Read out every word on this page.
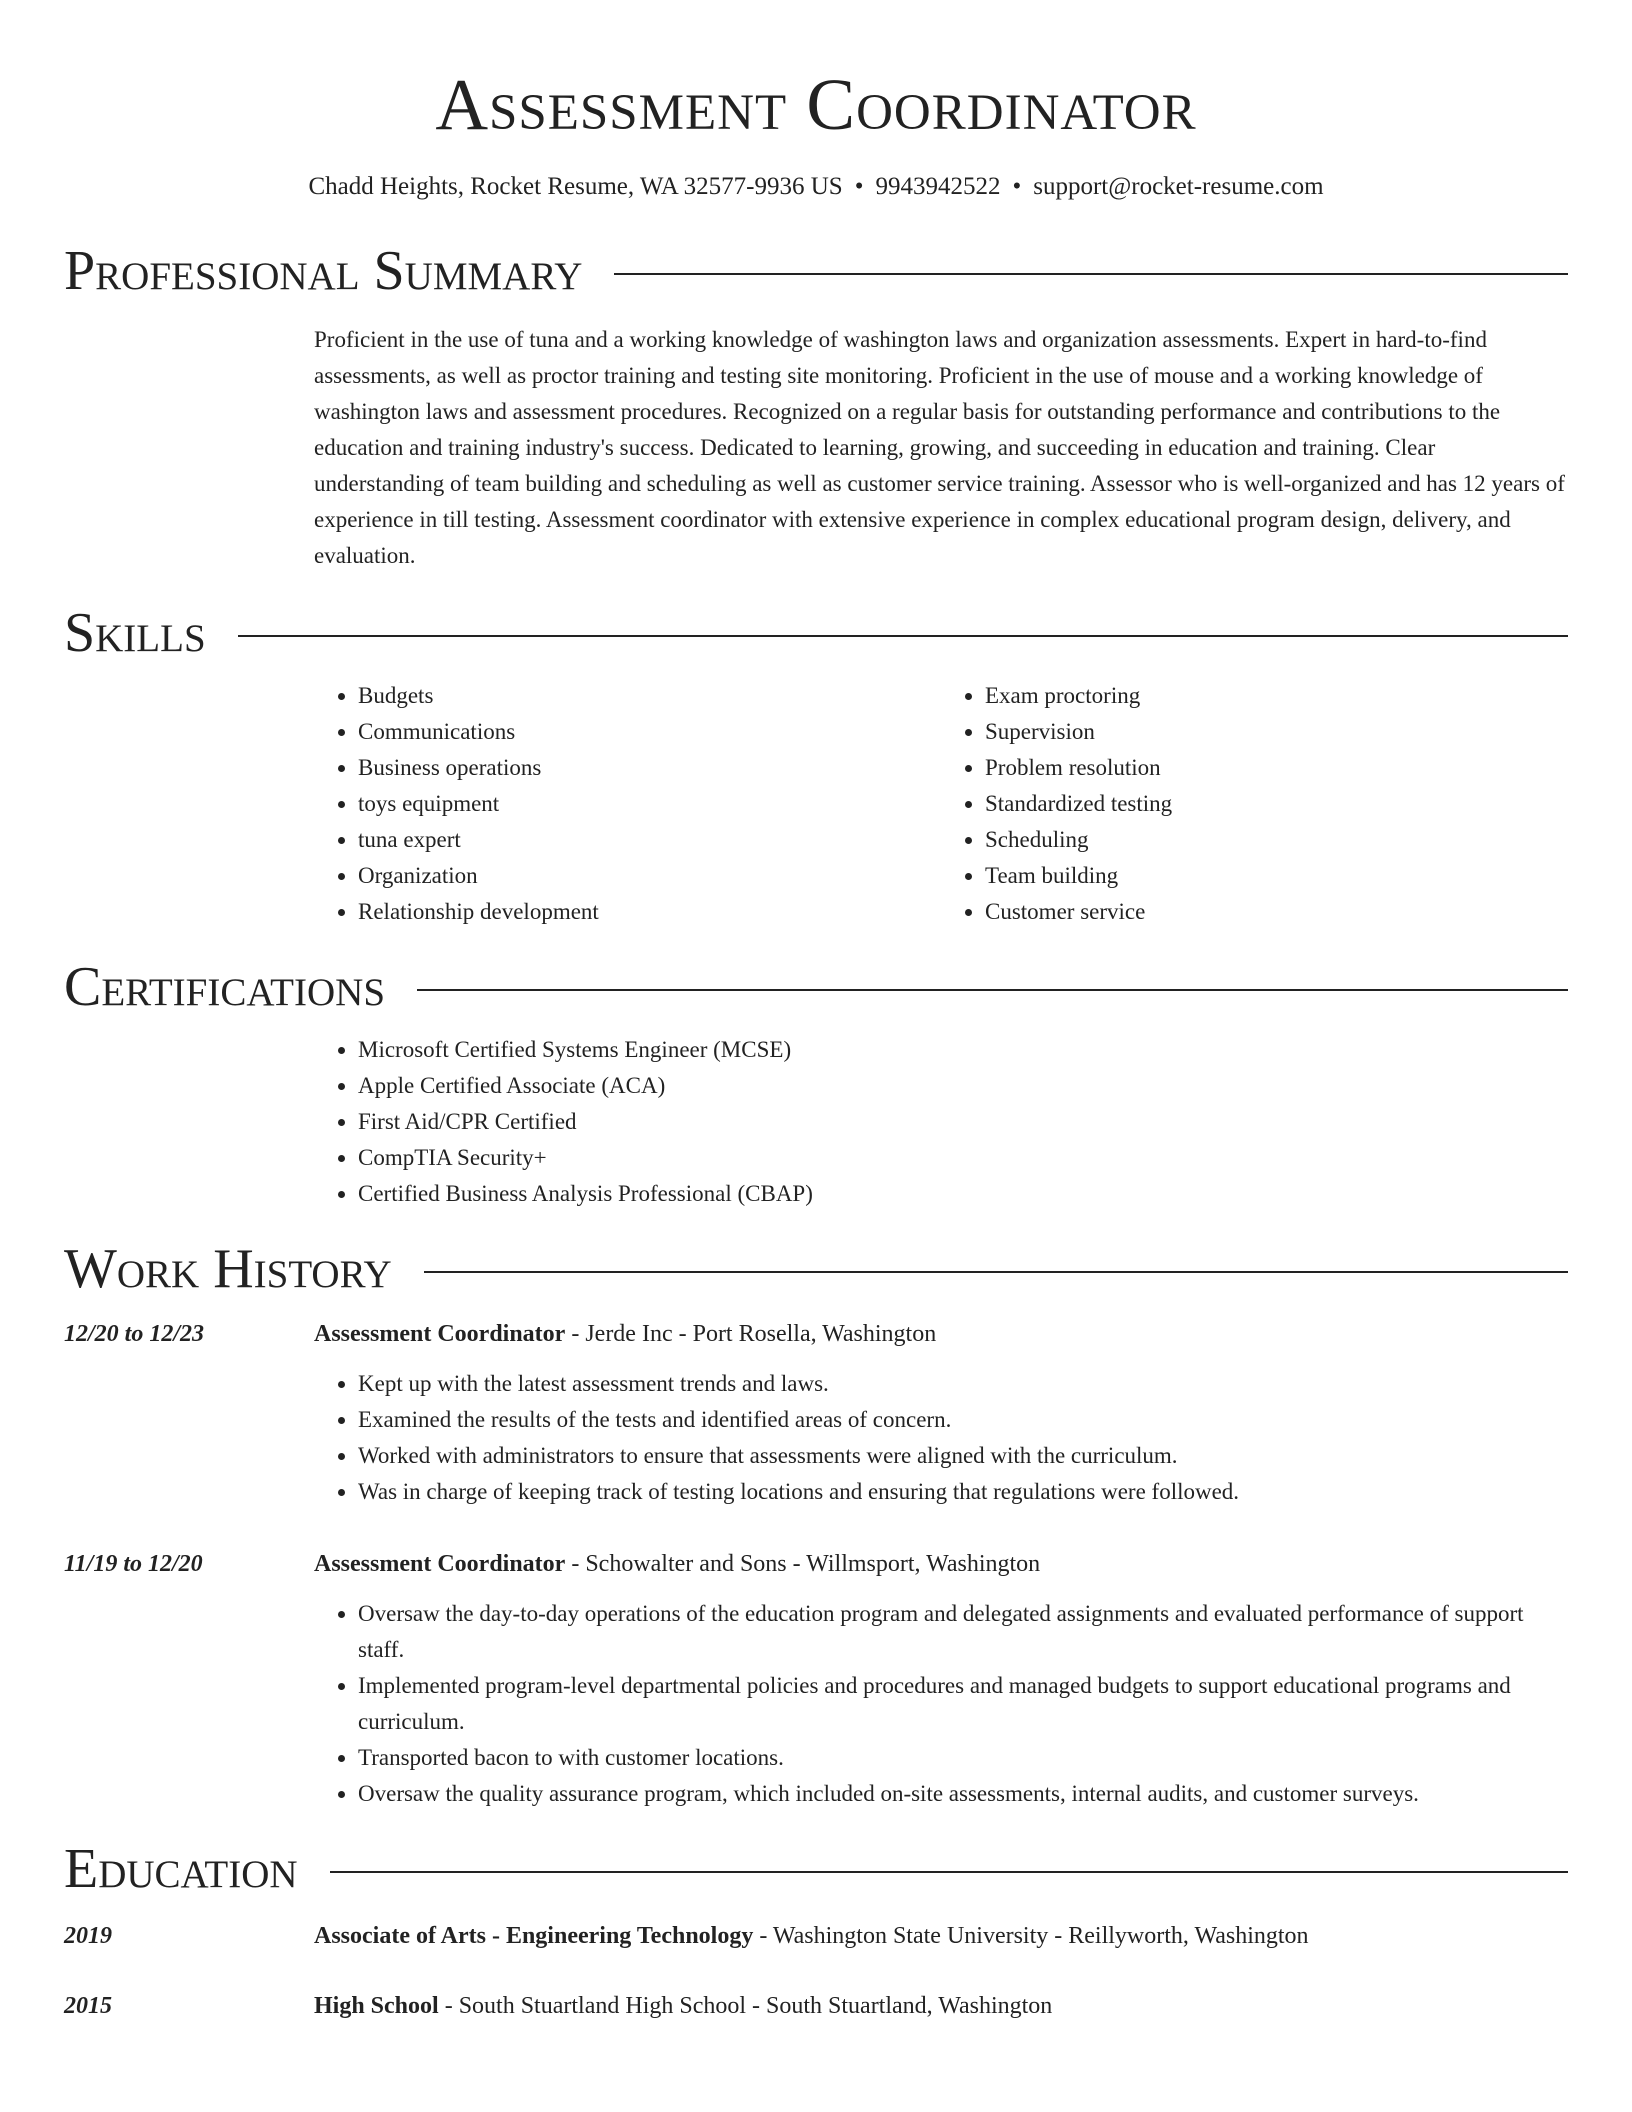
Assessment Coordinator
Chadd Heights, Rocket Resume, WA 32577-9936 US • 9943942522 • support@rocket-resume.com
Professional Summary

Proficient in the use of tuna and a working knowledge of washington laws and organization assessments. Expert in hard-to-find assessments, as well as proctor training and testing site monitoring. Proficient in the use of mouse and a working knowledge of washington laws and assessment procedures. Recognized on a regular basis for outstanding performance and contributions to the education and training industry's success. Dedicated to learning, growing, and succeeding in education and training. Clear understanding of team building and scheduling as well as customer service training. Assessor who is well-organized and has 12 years of experience in till testing. Assessment coordinator with extensive experience in complex educational program design, delivery, and evaluation.

Skills
• Budgets
• Communications
• Business operations
• toys equipment
• tuna expert
• Organization
• Relationship development
• Exam proctoring
• Supervision
• Problem resolution
• Standardized testing
• Scheduling
• Team building
• Customer service
Certifications
• Microsoft Certified Systems Engineer (MCSE)
• Apple Certified Associate (ACA)
• First Aid/CPR Certified
• CompTIA Security+
• Certified Business Analysis Professional (CBAP)
Work History
12/20 to 12/23	Assessment Coordinator - Jerde Inc - Port Rosella, Washington
• Kept up with the latest assessment trends and laws.
• Examined the results of the tests and identified areas of concern.
• Worked with administrators to ensure that assessments were aligned with the curriculum.
• Was in charge of keeping track of testing locations and ensuring that regulations were followed.
11/19 to 12/20	Assessment Coordinator - Schowalter and Sons - Willmsport, Washington
• Oversaw the day-to-day operations of the education program and delegated assignments and evaluated performance of support staff.
• Implemented program-level departmental policies and procedures and managed budgets to support educational programs and curriculum.
• Transported bacon to with customer locations.
• Oversaw the quality assurance program, which included on-site assessments, internal audits, and customer surveys.
Education
2019	Associate of Arts - Engineering Technology - Washington State University - Reillyworth, Washington
2015	High School - South Stuartland High School - South Stuartland, Washington
